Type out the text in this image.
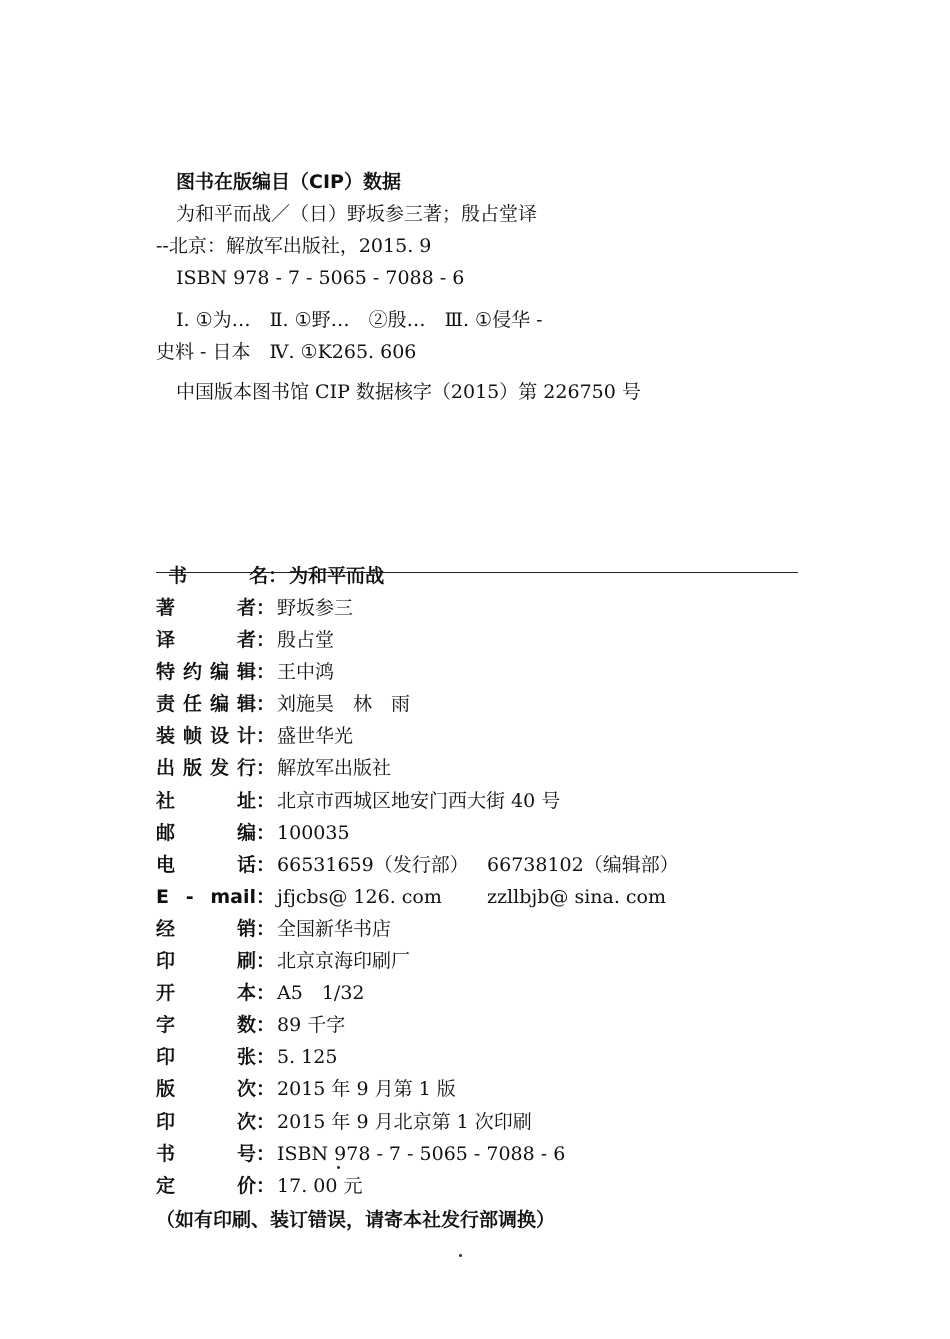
图书在版编目（CIP）数据
为和平而战／（日）野坂参三著；殷占堂译
--北京：解放军出版社，2015. 9
ISBN 978 - 7 - 5065 - 7088 - 6
Ⅰ. ①为…　Ⅱ. ①野…　②殷…　Ⅲ. ①侵华 -
史料 - 日本　Ⅳ. ①K265. 606
中国版本图书馆 CIP 数据核字（2015）第 226750 号

书　名： 为和平而战

著　者： 野坂参三
译　者： 殷占堂
特约编辑： 王中鸿
责任编辑： 刘施昊　林　雨
装帧设计： 盛世华光
出版发行： 解放军出版社
社　址： 北京市西城区地安门西大街 40 号
邮　编： 100035
电　话： 66531659（发行部） 66738102（编辑部）
E - mail： jfjcbs@ 126. com zzllbjb@ sina. com
经　销： 全国新华书店
印　刷： 北京京海印刷厂
开　本： A5　1/32
字　数： 89 千字
印　张： 5. 125
版　次： 2015 年 9 月第 1 版
印　次： 2015 年 9 月北京第 1 次印刷
书　号： ISBN 978 - 7 - 5065 - 7088 - 6
定　价： 17. 00 元
（如有印刷、装订错误，请寄本社发行部调换）
